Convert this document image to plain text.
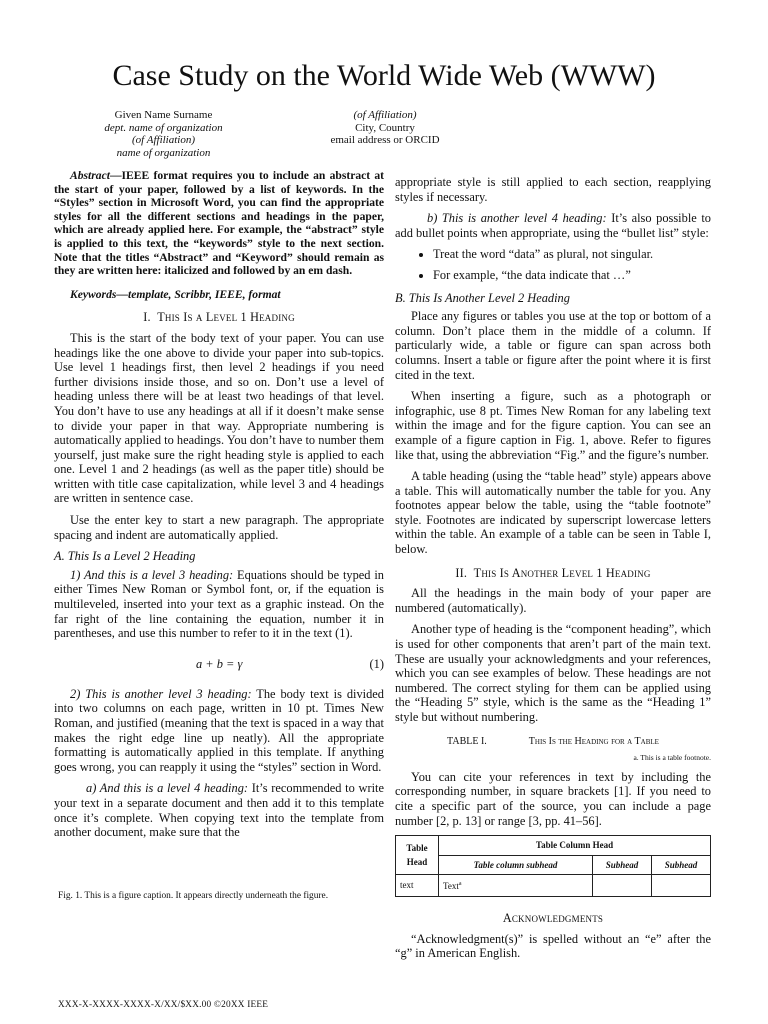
Case Study on the World Wide Web (WWW)
Given Name Surname
dept. name of organization
(of Affiliation)
name of organization
(of Affiliation)
City, Country
email address or ORCID

Abstract—IEEE format requires you to include an abstract at the start of your paper, followed by a list of keywords. In the “Styles” section in Microsoft Word, you can find the appropriate styles for all the different sections and headings in the paper, which are already applied here. For example, the “abstract” style is applied to this text, the “keywords” style to the next section. Note that the titles “Abstract” and “Keyword” should remain as they are written here: italicized and followed by an em dash.

Keywords—template, Scribbr, IEEE, format

I. This Is a Level 1 Heading

This is the start of the body text of your paper. You can use headings like the one above to divide your paper into sub-topics. Use level 1 headings first, then level 2 headings if you need further divisions inside those, and so on. Don’t use a level of heading unless there will be at least two headings of that level. You don’t have to use any headings at all if it doesn’t make sense to divide your paper in that way. Appropriate numbering is automatically applied to headings. You don’t have to number them yourself, just make sure the right heading style is applied to each one. Level 1 and 2 headings (as well as the paper title) should be written with title case capitalization, while level 3 and 4 headings are written in sentence case.

Use the enter key to start a new paragraph. The appropriate spacing and indent are automatically applied.

A. This Is a Level 2 Heading

1) And this is a level 3 heading: Equations should be typed in either Times New Roman or Symbol font, or, if the equation is multileveled, inserted into your text as a graphic instead. On the far right of the line containing the equation, number it in parentheses, and use this number to refer to it in the text (1).

a + b = γ	(1)

2) This is another level 3 heading: The body text is divided into two columns on each page, written in 10 pt. Times New Roman, and justified (meaning that the text is spaced in a way that makes the right edge line up neatly). All the appropriate formatting is automatically applied in this template. If anything goes wrong, you can reapply it using the “styles” section in Word.

a) And this is a level 4 heading: It’s recommended to write your text in a separate document and then add it to this template once it’s complete. When copying text into the template from another document, make sure that the

Fig. 1. This is a figure caption. It appears directly underneath the figure.

appropriate style is still applied to each section, reapplying styles if necessary.

b) This is another level 4 heading: It’s also possible to add bullet points when appropriate, using the “bullet list” style:

• Treat the word “data” as plural, not singular.
• For example, “the data indicate that …”
B. This Is Another Level 2 Heading

Place any figures or tables you use at the top or bottom of a column. Don’t place them in the middle of a column. If particularly wide, a table or figure can span across both columns. Insert a table or figure after the point where it is first cited in the text.

When inserting a figure, such as a photograph or infographic, use 8 pt. Times New Roman for any labeling text within the image and for the figure caption. You can see an example of a figure caption in Fig. 1, above. Refer to figures like that, using the abbreviation “Fig.” and the figure’s number.

A table heading (using the “table head” style) appears above a table. This will automatically number the table for you. Any footnotes appear below the table, using the “table footnote” style. Footnotes are indicated by superscript lowercase letters within the table. An example of a table can be seen in Table I, below.

II. This Is Another Level 1 Heading

All the headings in the main body of your paper are numbered (automatically).

Another type of heading is the “component heading”, which is used for other components that aren’t part of the main text. These are usually your acknowledgments and your references, which you can see examples of below. These headings are not numbered. The correct styling for them can be applied using the “Heading 5” style, which is the same as the “Heading 1” style but without numbering.

TABLE I.	This Is the Heading for a Table
a. This is a table footnote.

You can cite your references in text by including the corresponding number, in square brackets [1]. If you need to cite a specific part of the source, you can include a page number [2, p. 13] or range [3, pp. 41–56].

Table Head	Table Column Head		
	Table column subhead	Subhead	Subhead
text	Text$^a$		
Acknowledgments

“Acknowledgment(s)” is spelled without an “e” after the “g” in American English.

XXX-X-XXXX-XXXX-X/XX/$XX.00 ©20XX IEEE
